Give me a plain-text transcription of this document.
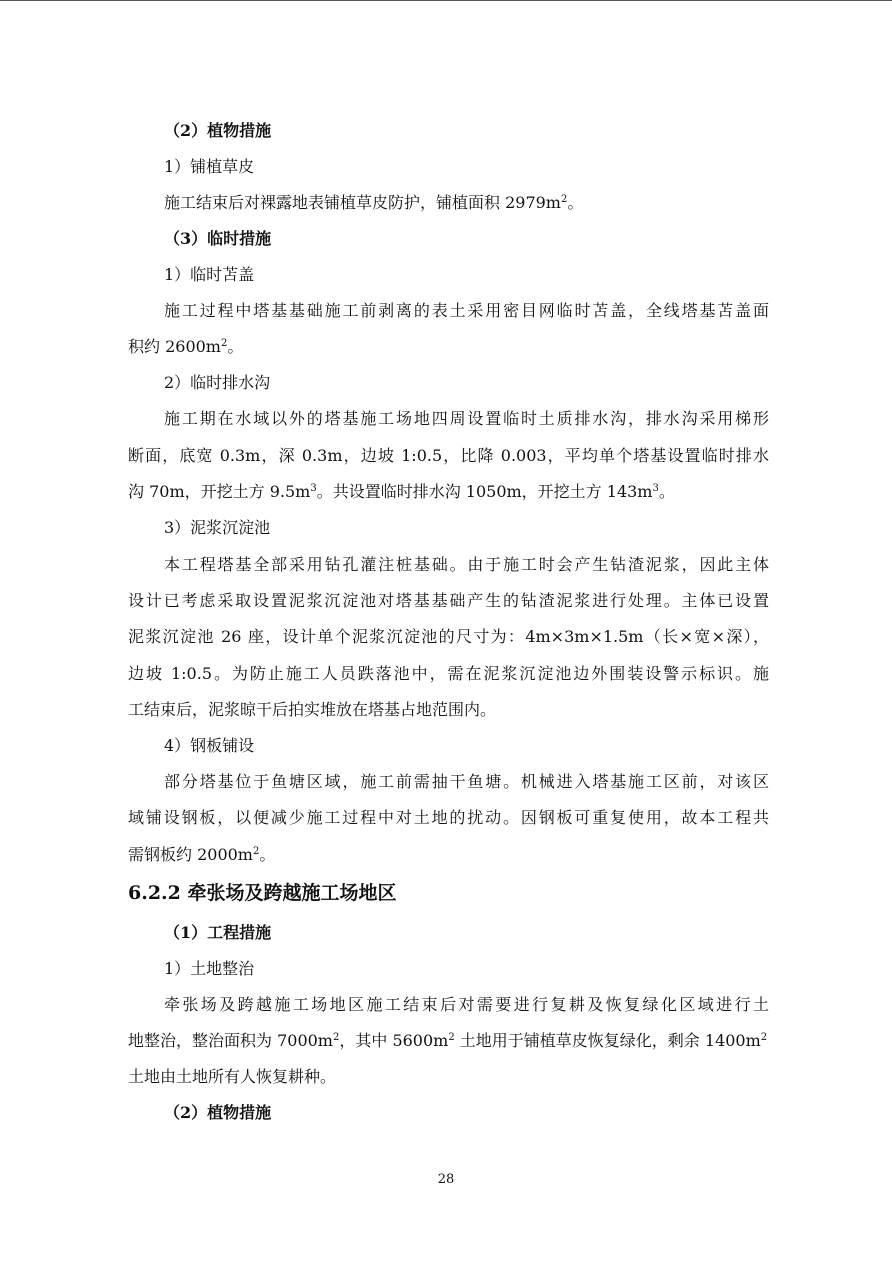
（2）植物措施
1）铺植草皮
施工结束后对裸露地表铺植草皮防护，铺植面积 $2979m^2$。
（3）临时措施
1）临时苫盖
施工过程中塔基基础施工前剥离的表土采用密目网临时苫盖，全线塔基苫盖面
积约 $2600m^2$。
2）临时排水沟
施工期在水域以外的塔基施工场地四周设置临时土质排水沟，排水沟采用梯形
断面，底宽 0.3m，深 0.3m，边坡 1:0.5，比降 0.003，平均单个塔基设置临时排水
沟 70m，开挖土方 $9.5m^3$。共设置临时排水沟 1050m，开挖土方 $143m^3$。
3）泥浆沉淀池
本工程塔基全部采用钻孔灌注桩基础。由于施工时会产生钻渣泥浆，因此主体
设计已考虑采取设置泥浆沉淀池对塔基基础产生的钻渣泥浆进行处理。主体已设置
泥浆沉淀池 26 座，设计单个泥浆沉淀池的尺寸为：4m×3m×1.5m（长×宽×深），
边坡 1:0.5。为防止施工人员跌落池中，需在泥浆沉淀池边外围装设警示标识。施
工结束后，泥浆晾干后拍实堆放在塔基占地范围内。
4）钢板铺设
部分塔基位于鱼塘区域，施工前需抽干鱼塘。机械进入塔基施工区前，对该区
域铺设钢板，以便减少施工过程中对土地的扰动。因钢板可重复使用，故本工程共
需钢板约 $2000m^2$。
6.2.2 牵张场及跨越施工场地区
（1）工程措施
1）土地整治
牵张场及跨越施工场地区施工结束后对需要进行复耕及恢复绿化区域进行土
地整治，整治面积为 $7000m^2$，其中 $5600m^2$ 土地用于铺植草皮恢复绿化，剩余 $1400m^2$
土地由土地所有人恢复耕种。
（2）植物措施
28
